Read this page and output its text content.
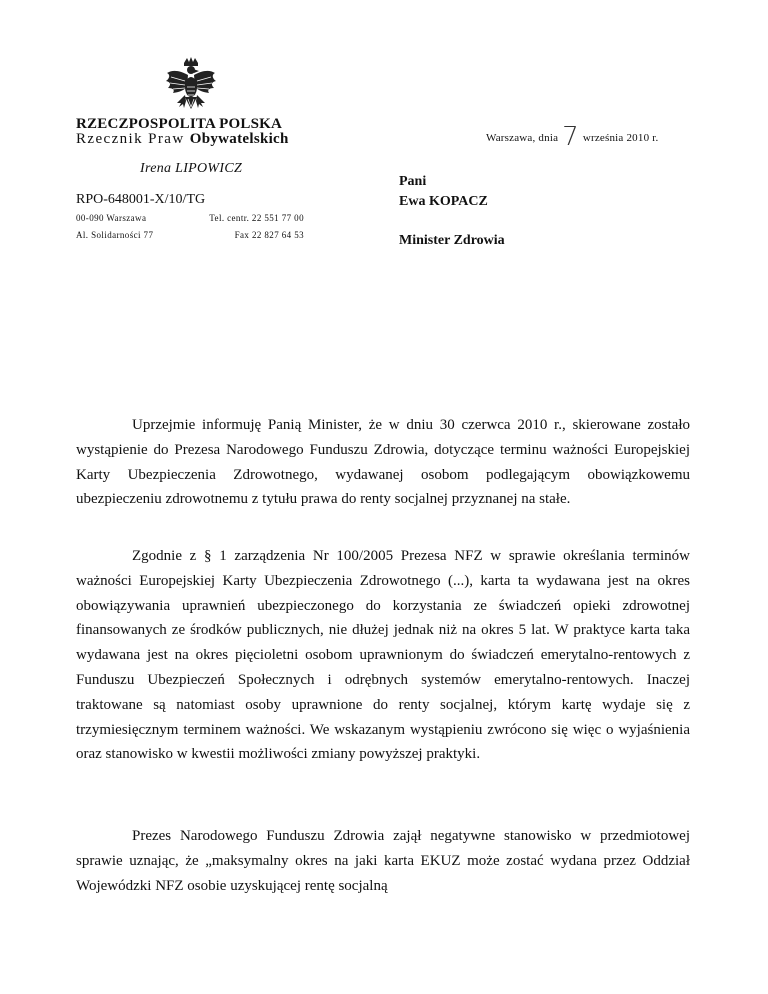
RZECZPOSPOLITA POLSKA
Rzecznik Praw Obywatelskich
Irena LIPOWICZ
RPO-648001-X/10/TG
00-090 Warszawa
Al. Solidarności 77
Tel. centr. 22 551 77 00
Fax 22 827 64 53
Warszawa, dnia 7 września 2010 r.
Pani
Ewa KOPACZ
Minister Zdrowia

Uprzejmie informuję Panią Minister, że w dniu 30 czerwca 2010 r., skierowane zostało wystąpienie do Prezesa Narodowego Funduszu Zdrowia, dotyczące terminu ważności Europejskiej Karty Ubezpieczenia Zdrowotnego, wydawanej osobom podlegającym obowiązkowemu ubezpieczeniu zdrowotnemu z tytułu prawa do renty socjalnej przyznanej na stałe.

Zgodnie z § 1 zarządzenia Nr 100/2005 Prezesa NFZ w sprawie określania terminów ważności Europejskiej Karty Ubezpieczenia Zdrowotnego (...), karta ta wydawana jest na okres obowiązywania uprawnień ubezpieczonego do korzystania ze świadczeń opieki zdrowotnej finansowanych ze środków publicznych, nie dłużej jednak niż na okres 5 lat. W praktyce karta taka wydawana jest na okres pięcioletni osobom uprawnionym do świadczeń emerytalno-rentowych z Funduszu Ubezpieczeń Społecznych i odrębnych systemów emerytalno-rentowych. Inaczej traktowane są natomiast osoby uprawnione do renty socjalnej, którym kartę wydaje się z trzymiesięcznym terminem ważności. We wskazanym wystąpieniu zwrócono się więc o wyjaśnienia oraz stanowisko w kwestii możliwości zmiany powyższej praktyki.

Prezes Narodowego Funduszu Zdrowia zajął negatywne stanowisko w przedmiotowej sprawie uznając, że „maksymalny okres na jaki karta EKUZ może zostać wydana przez Oddział Wojewódzki NFZ osobie uzyskującej rentę socjalną
